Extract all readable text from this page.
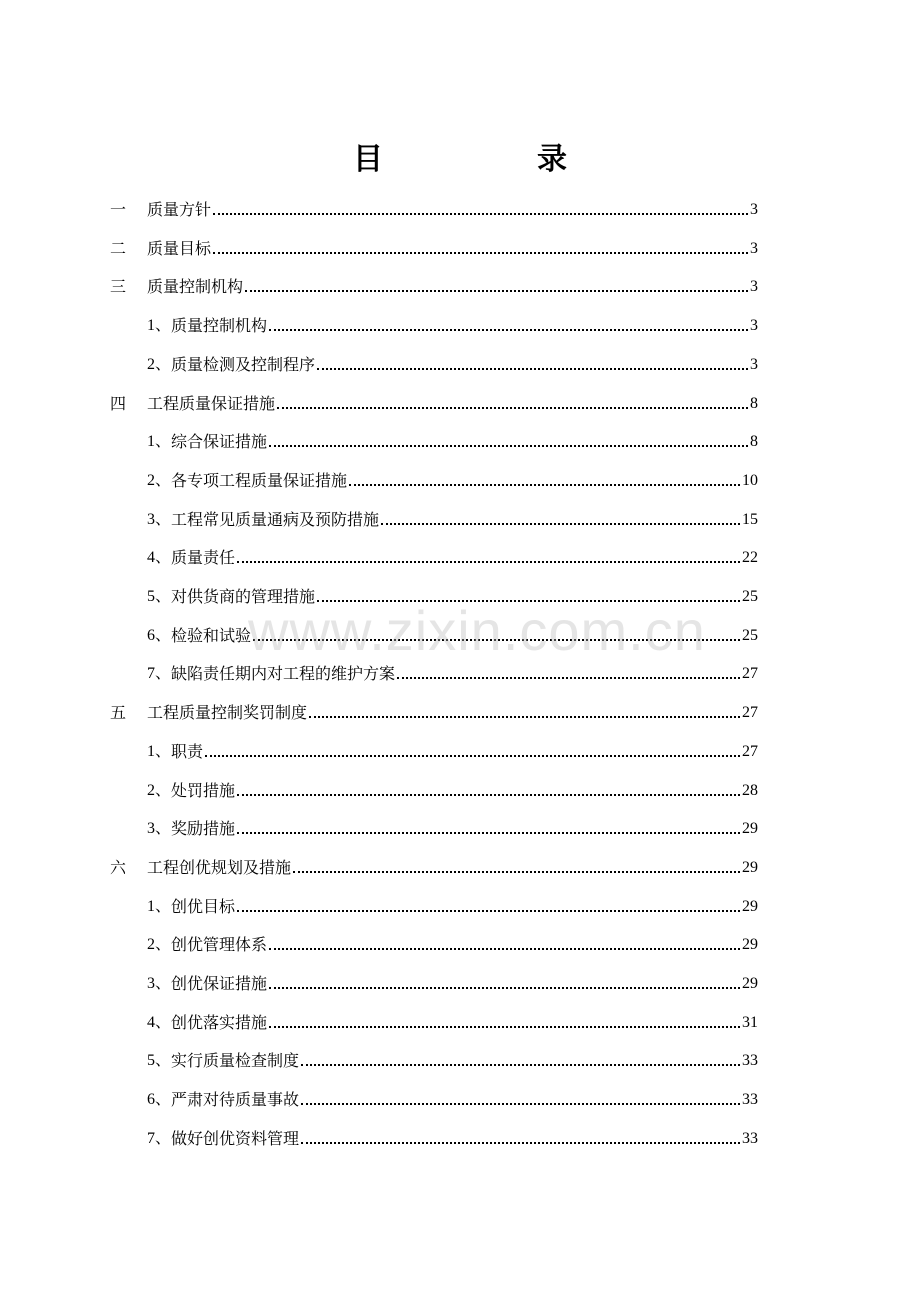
目　录
一	质量方针	3
二	质量目标	3
三	质量控制机构	3
1、 质量控制机构	3
2、 质量检测及控制程序	3
四	工程质量保证措施	8
1、 综合保证措施	8
2、 各专项工程质量保证措施	10
3、 工程常见质量通病及预防措施	15
4、 质量责任	22
5、 对供货商的管理措施	25
6、 检验和试验	25
7、 缺陷责任期内对工程的维护方案	27
五	工程质量控制奖罚制度	27
1、 职责	27
2、 处罚措施	28
3、 奖励措施	29
六	工程创优规划及措施	29
1、 创优目标	29
2、 创优管理体系	29
3、 创优保证措施	29
4、 创优落实措施	31
5、 实行质量检查制度	33
6、 严肃对待质量事故	33
7、 做好创优资料管理	33
www.zixin.com.cn
